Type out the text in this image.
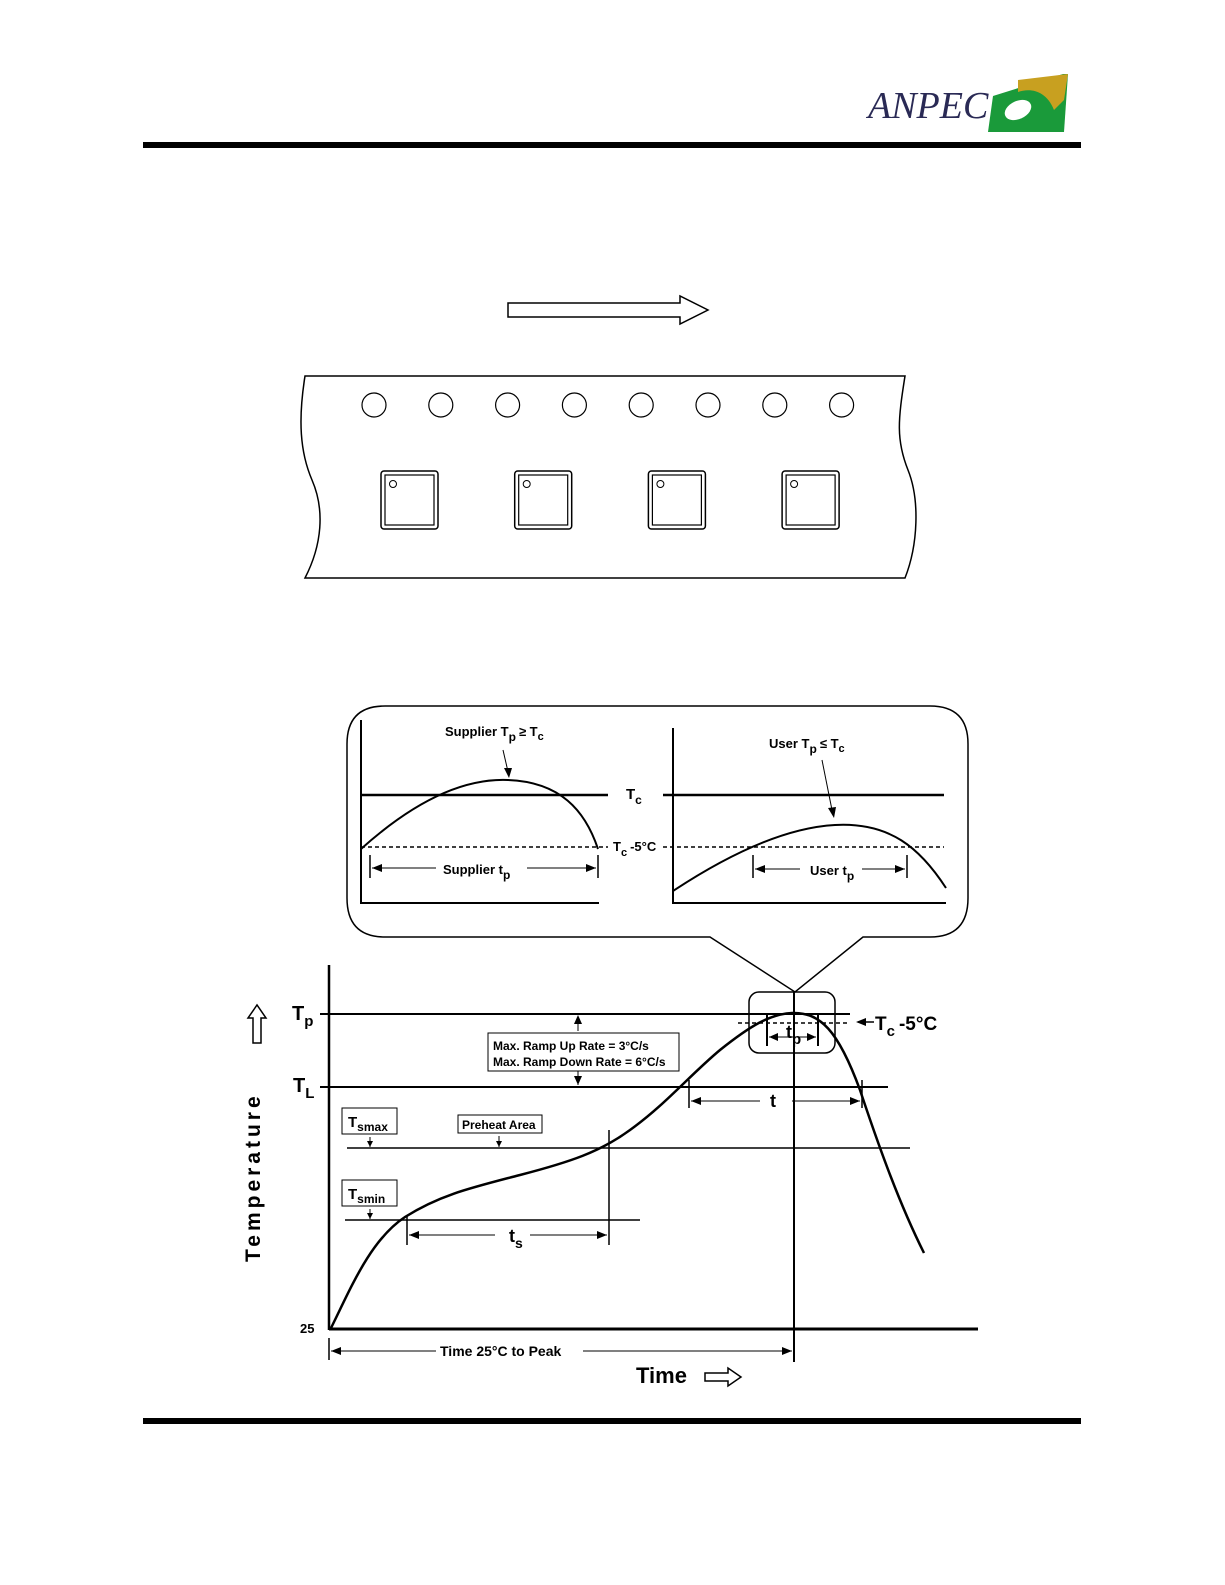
ANPEC
Supplier $Tp \ge T_c$
Supplier tp
$T_c$
$T_c$ -5°C
User $Tp \le T_c$
User tp
$t_p$
$T_c$ -5°C
$T_p$
$T_L$
Max. Ramp Up Rate = 3°C/s
Max. Ramp Down Rate = 6°C/s
t
$T_{smax}$
$T_{smin}$
Preheat Area
$t_s$
25
Time 25°C to Peak
Time
Temperature
